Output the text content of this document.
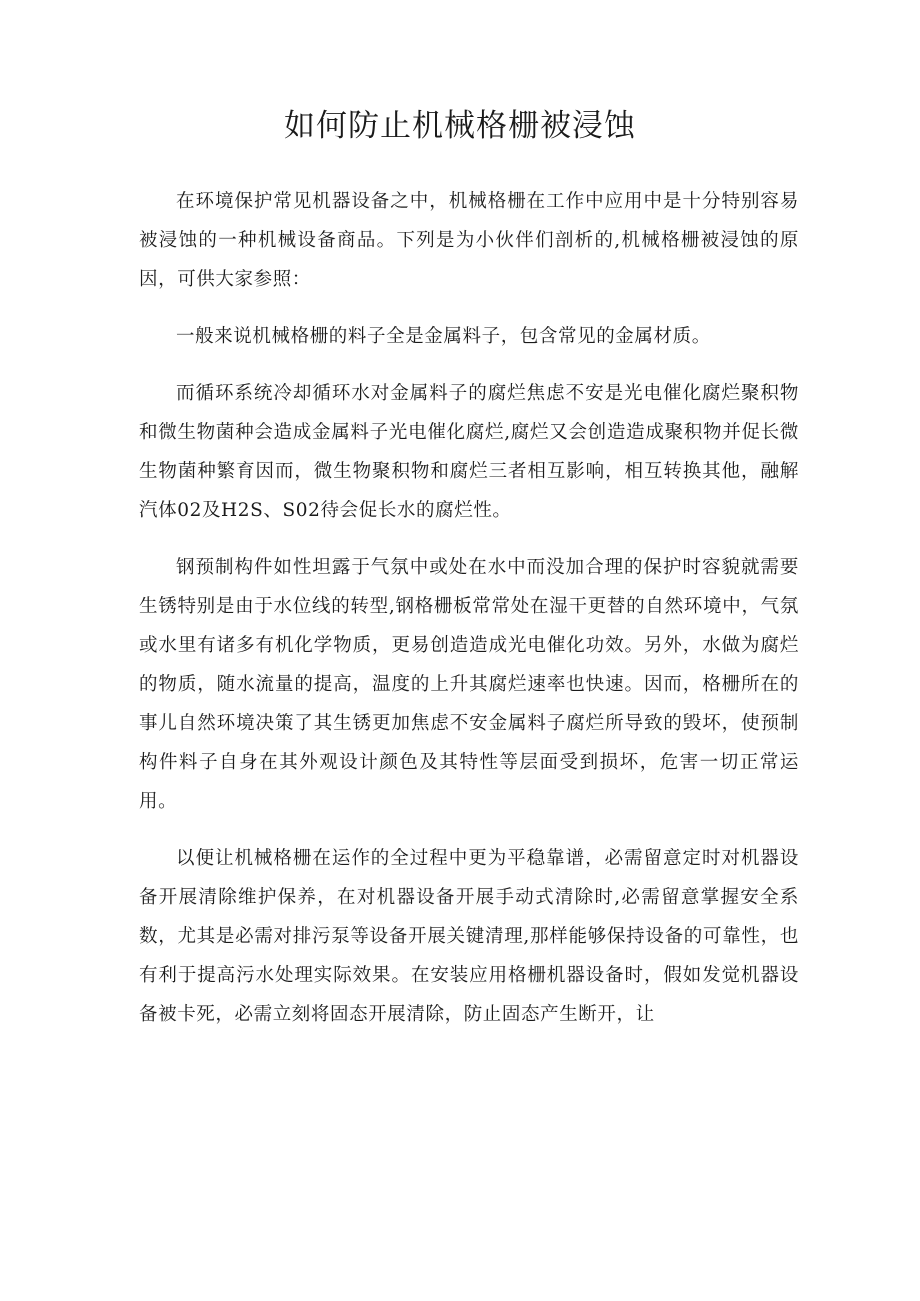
如何防止机械格栅被浸蚀

在环境保护常见机器设备之中，机械格栅在工作中应用中是十分特别容易被浸蚀的一种机械设备商品。下列是为小伙伴们剖析的,机械格栅被浸蚀的原因，可供大家参照：

一般来说机械格栅的料子全是金属料子，包含常见的金属材质。

而循环系统冷却循环水对金属料子的腐烂焦虑不安是光电催化腐烂聚积物和微生物菌种会造成金属料子光电催化腐烂,腐烂又会创造造成聚积物并促长微生物菌种繁育因而，微生物聚积物和腐烂三者相互影响，相互转换其他，融解汽体02及H2S、S02待会促长水的腐烂性。

钢预制构件如性坦露于气氛中或处在水中而没加合理的保护时容貌就需要生锈特别是由于水位线的转型,钢格栅板常常处在湿干更替的自然环境中，气氛或水里有诸多有机化学物质，更易创造造成光电催化功效。另外，水做为腐烂的物质，随水流量的提高，温度的上升其腐烂速率也快速。因而，格栅所在的事儿自然环境决策了其生锈更加焦虑不安金属料子腐烂所导致的毁坏，使预制构件料子自身在其外观设计颜色及其特性等层面受到损坏，危害一切正常运用。

以便让机械格栅在运作的全过程中更为平稳靠谱，必需留意定时对机器设备开展清除维护保养，在对机器设备开展手动式清除时,必需留意掌握安全系数，尤其是必需对排污泵等设备开展关键清理,那样能够保持设备的可靠性，也有利于提高污水处理实际效果。在安装应用格栅机器设备时，假如发觉机器设备被卡死，必需立刻将固态开展清除，防止固态产生断开，让
